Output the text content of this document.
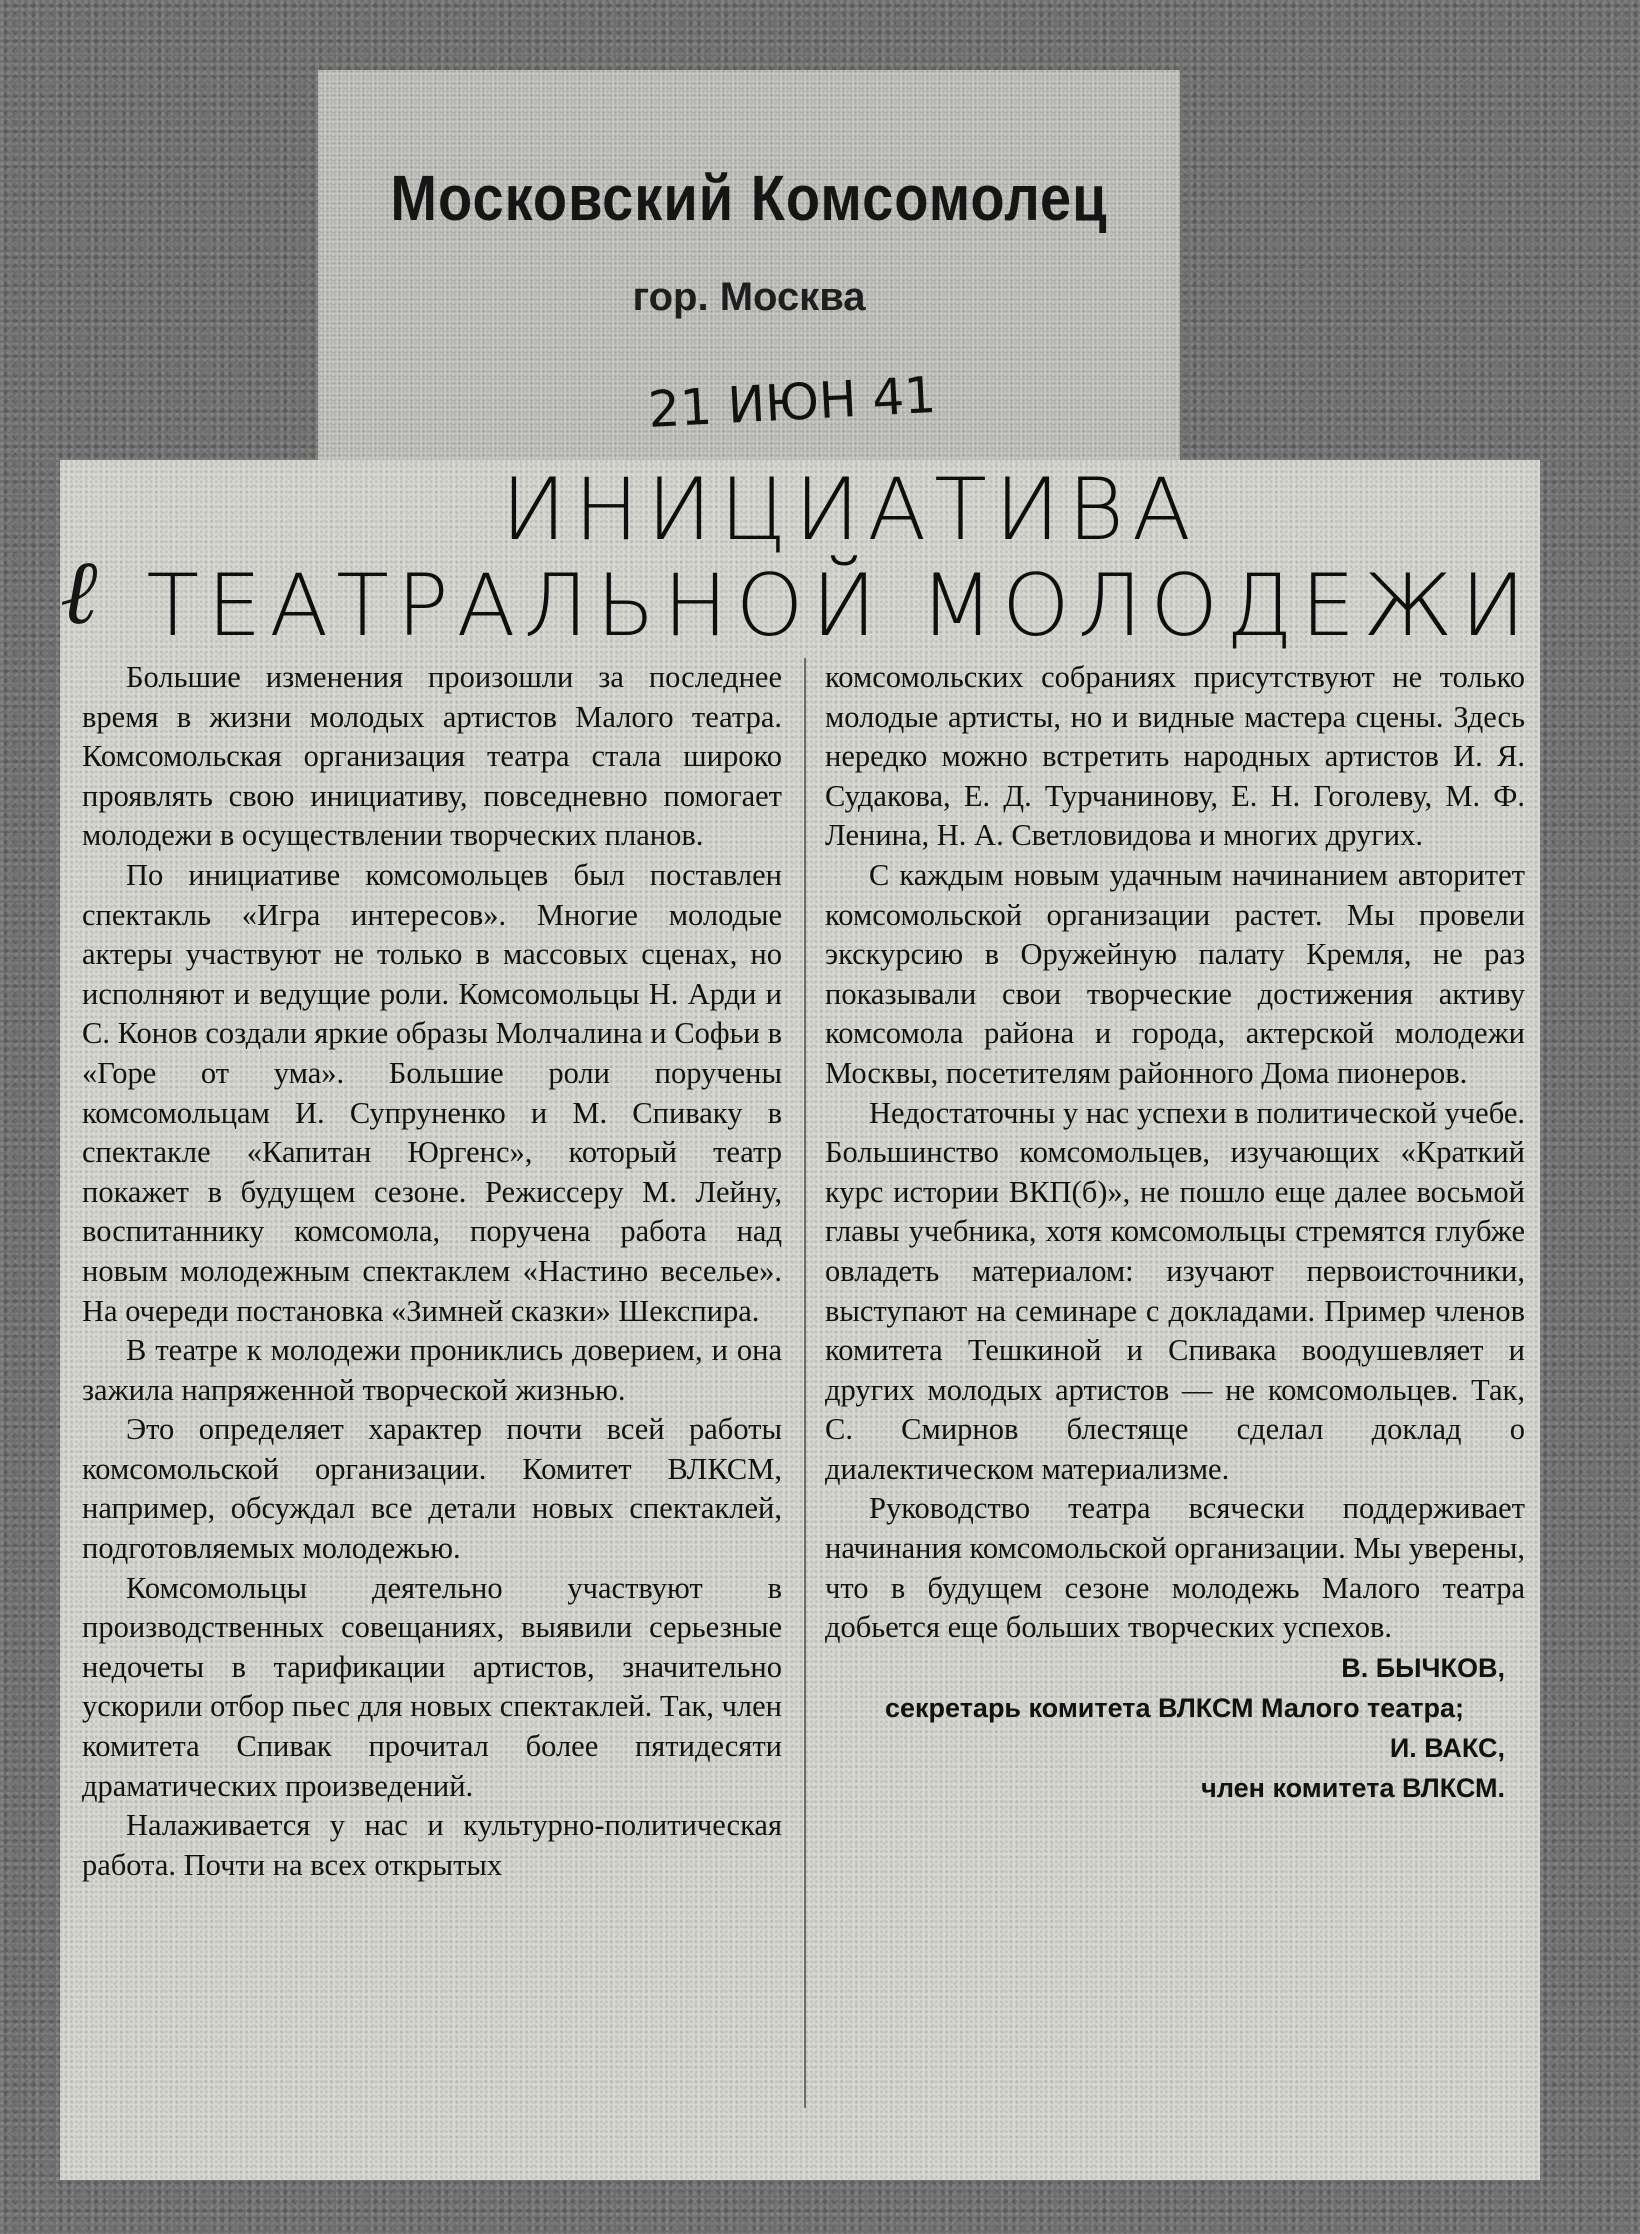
Московский Комсомолец
гор. Москва
21 ИЮН 41
ℓ
ИНИЦИАТИВА
ТЕАТРАЛЬНОЙ МОЛОДЕЖИ

Большие изменения произошли за последнее время в жизни молодых артистов Малого театра. Комсомольская организация театра стала широко проявлять свою инициативу, повседневно помогает молодежи в осуществлении творческих планов.

По инициативе комсомольцев был поставлен спектакль «Игра интересов». Многие молодые актеры участвуют не только в массовых сценах, но исполняют и ведущие роли. Комсомольцы Н. Арди и С. Конов создали яркие образы Молчалина и Софьи в «Горе от ума». Большие роли поручены комсомольцам И. Супруненко и М. Спиваку в спектакле «Капитан Юргенс», который театр покажет в будущем сезоне. Режиссеру М. Лейну, воспитаннику комсомола, поручена работа над новым молодежным спектаклем «Настино веселье». На очереди постановка «Зимней сказки» Шекспира.

В театре к молодежи прониклись доверием, и она зажила напряженной творческой жизнью.

Это определяет характер почти всей работы комсомольской организации. Комитет ВЛКСМ, например, обсуждал все детали новых спектаклей, подготовляемых молодежью.

Комсомольцы деятельно участвуют в производственных совещаниях, выявили серьезные недочеты в тарификации артистов, значительно ускорили отбор пьес для новых спектаклей. Так, член комитета Спивак прочитал более пятидесяти драматических произведений.

Налаживается у нас и культурно-политическая работа. Почти на всех открытых

комсомольских собраниях присутствуют не только молодые артисты, но и видные мастера сцены. Здесь нередко можно встретить народных артистов И. Я. Судакова, Е. Д. Турчанинову, Е. Н. Гоголеву, М. Ф. Ленина, Н. А. Светловидова и многих других.

С каждым новым удачным начинанием авторитет комсомольской организации растет. Мы провели экскурсию в Оружейную палату Кремля, не раз показывали свои творческие достижения активу комсомола района и города, актерской молодежи Москвы, посетителям районного Дома пионеров.

Недостаточны у нас успехи в политической учебе. Большинство комсомольцев, изучающих «Краткий курс истории ВКП(б)», не пошло еще далее восьмой главы учебника, хотя комсомольцы стремятся глубже овладеть материалом: изучают первоисточники, выступают на семинаре с докладами. Пример членов комитета Тешкиной и Спивака воодушевляет и других молодых артистов — не комсомольцев. Так, С. Смирнов блестяще сделал доклад о диалектическом материализме.

Руководство театра всячески поддерживает начинания комсомольской организации. Мы уверены, что в будущем сезоне молодежь Малого театра добьется еще больших творческих успехов.

В. БЫЧКОВ,
секретарь комитета ВЛКСМ Малого театра;
И. ВАКС,
член комитета ВЛКСМ.
